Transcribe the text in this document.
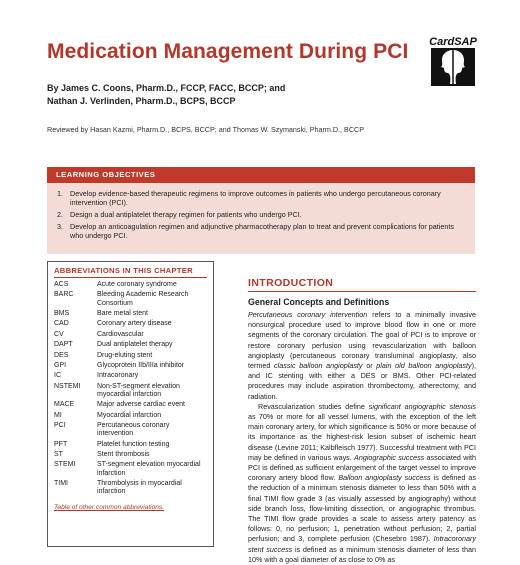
Medication Management During PCI	CardSAP
By James C. Coons, Pharm.D., FCCP, FACC, BCCP; and
Nathan J. Verlinden, Pharm.D., BCPS, BCCP
Reviewed by Hasan Kazmi, Pharm.D., BCPS, BCCP; and Thomas W. Szymanski, Pharm.D., BCCP
LEARNING OBJECTIVES
1. Develop evidence-based therapeutic regimens to improve outcomes in patients who undergo percutaneous coronary intervention (PCI).
2. Design a dual antiplatelet therapy regimen for patients who undergo PCI.
3. Develop an anticoagulation regimen and adjunctive pharmacotherapy plan to treat and prevent complications for patients who undergo PCI.
ABBREVIATIONS IN THIS CHAPTER
ACS	Acute coronary syndrome
BARC	Bleeding Academic Research Consortium
BMS	Bare metal stent
CAD	Coronary artery disease
CV	Cardiovascular
DAPT	Dual antiplatelet therapy
DES	Drug-eluting stent
GPI	Glycoprotein IIb/IIIa inhibitor
IC	Intracoronary
NSTEMI	Non-ST-segment elevation myocardial infarction
MACE	Major adverse cardiac event
MI	Myocardial infarction
PCI	Percutaneous coronary intervention
PFT	Platelet function testing
ST	Stent thrombosis
STEMI	ST-segment elevation myocardial infarction
TIMI	Thrombolysis in myocardial infarction
Table of other common abbreviations.
INTRODUCTION
General Concepts and Definitions

Percutaneous coronary intervention refers to a minimally invasive nonsurgical procedure used to improve blood flow in one or more segments of the coronary circulation. The goal of PCI is to improve or restore coronary perfusion using revascularization with balloon angioplasty (percutaneous coronary transluminal angioplasty, also termed classic balloon angioplasty or plain old balloon angioplasty), and IC stenting with either a DES or BMS. Other PCI-related procedures may include aspiration thrombectomy, atherectomy, and radiation.

Revascularization studies define significant angiographic stenosis as 70% or more for all vessel lumens, with the exception of the left main coronary artery, for which significance is 50% or more because of its importance as the highest-risk lesion subset of ischemic heart disease (Levine 2011; Kalbfleisch 1977). Successful treatment with PCI may be defined in various ways. Angiographic success associated with PCI is defined as sufficient enlargement of the target vessel to improve coronary artery blood flow. Balloon angioplasty success is defined as the reduction of a minimum stenosis diameter to less than 50% with a final TIMI flow grade 3 (as visually assessed by angiography) without side branch loss, flow-limiting dissection, or angiographic thrombus. The TIMI flow grade provides a scale to assess artery patency as follows: 0, no perfusion; 1, penetration without perfusion; 2, partial perfusion; and 3, complete perfusion (Chesebro 1987). Intracoronary stent success is defined as a minimum stenosis diameter of less than 10% with a goal diameter of as close to 0% as
